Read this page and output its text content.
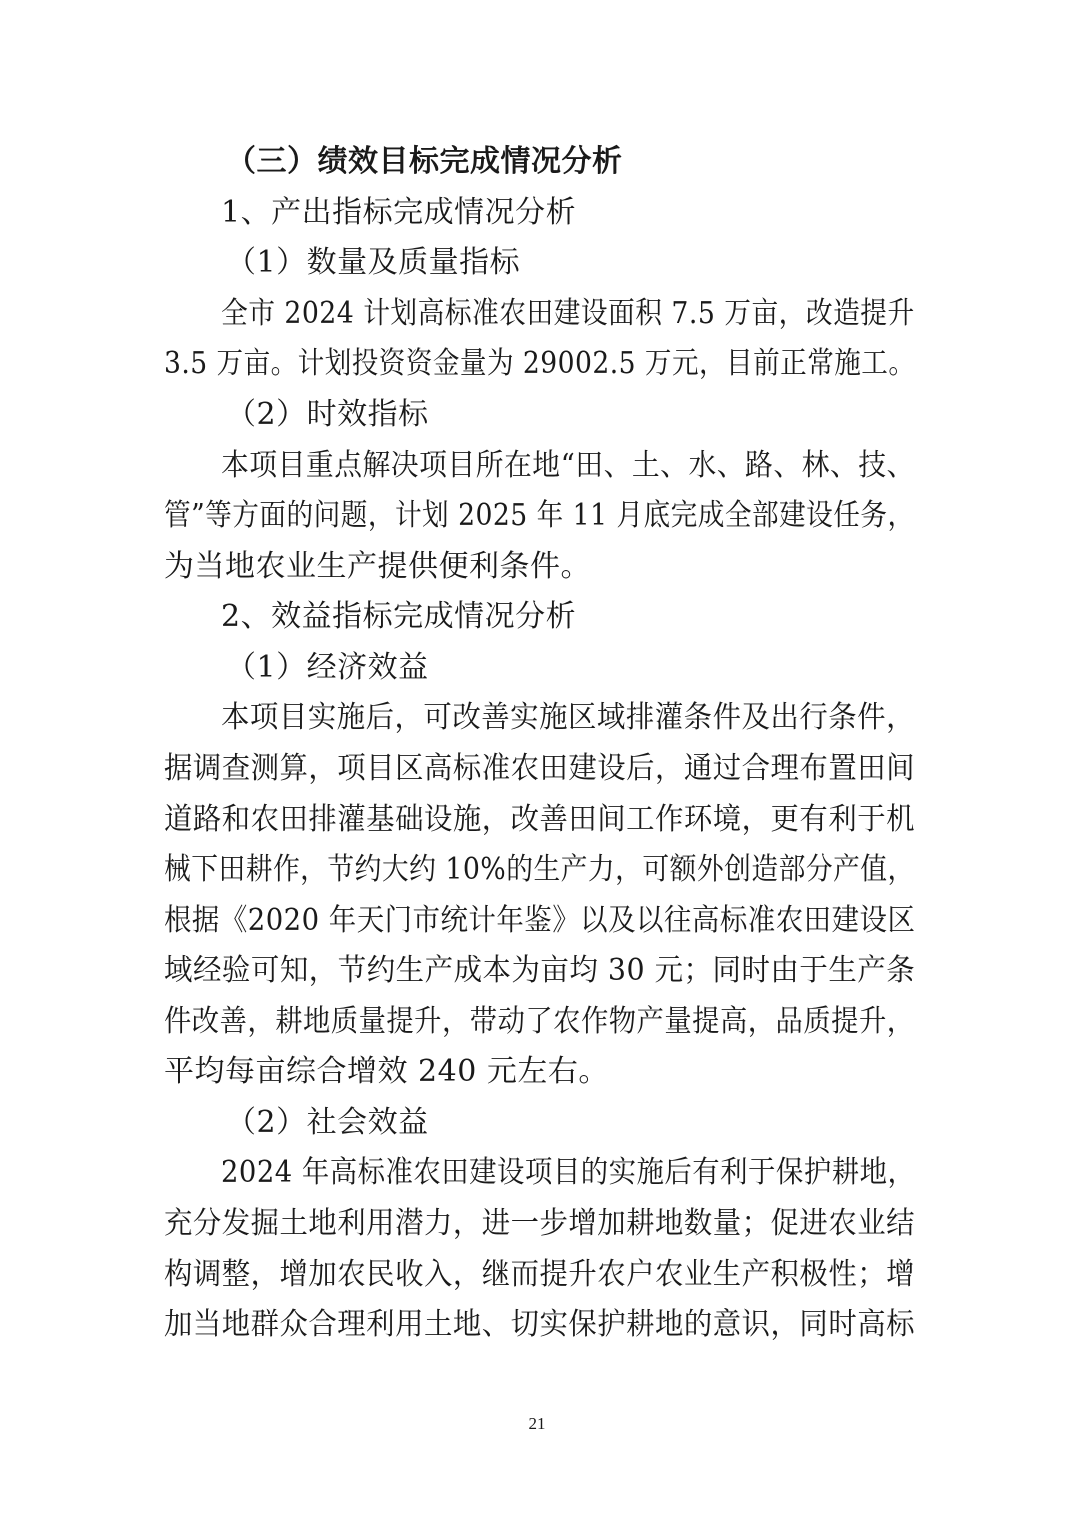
（三）绩效目标完成情况分析
1、产出指标完成情况分析
（1）数量及质量指标
全市 2024 计划高标准农田建设面积 7.5 万亩，改造提升
3.5 万亩。计划投资资金量为 29002.5 万元，目前正常施工。
（2）时效指标
本项目重点解决项目所在地“田、土、水、路、林、技、
管”等方面的问题，计划 2025 年 11 月底完成全部建设任务，
为当地农业生产提供便利条件。
2、效益指标完成情况分析
（1）经济效益
本项目实施后，可改善实施区域排灌条件及出行条件，
据调查测算，项目区高标准农田建设后，通过合理布置田间
道路和农田排灌基础设施，改善田间工作环境，更有利于机
械下田耕作，节约大约 10%的生产力，可额外创造部分产值，
根据《2020 年天门市统计年鉴》以及以往高标准农田建设区
域经验可知，节约生产成本为亩均 30 元；同时由于生产条
件改善，耕地质量提升，带动了农作物产量提高，品质提升，
平均每亩综合增效 240 元左右。
（2）社会效益
2024 年高标准农田建设项目的实施后有利于保护耕地，
充分发掘土地利用潜力，进一步增加耕地数量；促进农业结
构调整，增加农民收入，继而提升农户农业生产积极性；增
加当地群众合理利用土地、切实保护耕地的意识，同时高标
21
